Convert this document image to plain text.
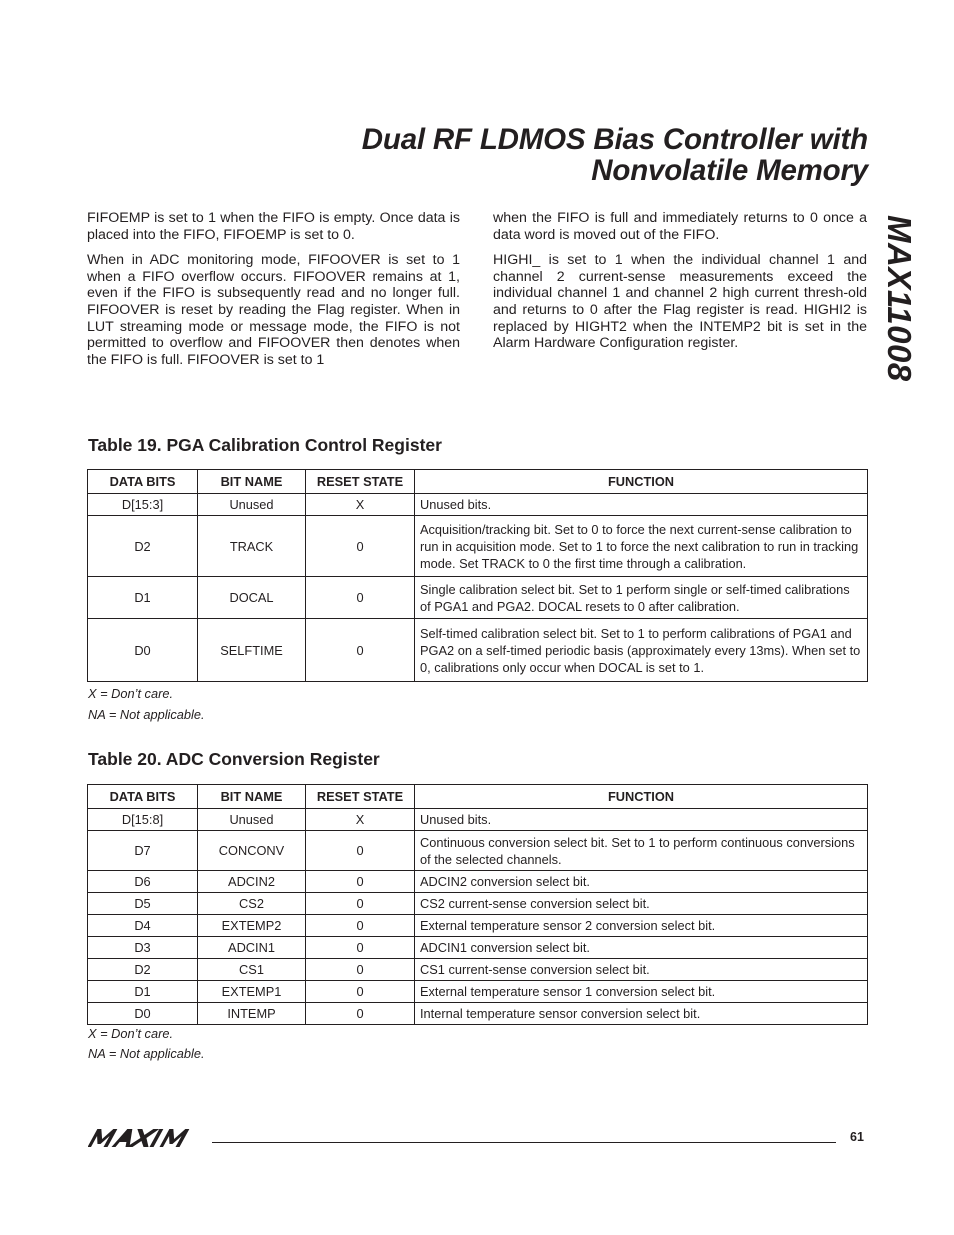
Dual RF LDMOS Bias Controller with
Nonvolatile Memory
MAX11008

FIFOEMP is set to 1 when the FIFO is empty. Once data is placed into the FIFO, FIFOEMP is set to 0.

When in ADC monitoring mode, FIFOOVER is set to 1 when a FIFO overflow occurs. FIFOOVER remains at 1, even if the FIFO is subsequently read and no longer full. FIFOOVER is reset by reading the Flag register. When in LUT streaming mode or message mode, the FIFO is not permitted to overflow and FIFOOVER then denotes when the FIFO is full. FIFOOVER is set to 1

when the FIFO is full and immediately returns to 0 once a data word is moved out of the FIFO.

HIGHI_ is set to 1 when the individual channel 1 and channel 2 current-sense measurements exceed the individual channel 1 and channel 2 high current thresh-old and returns to 0 after the Flag register is read. HIGHI2 is replaced by HIGHT2 when the INTEMP2 bit is set in the Alarm Hardware Configuration register.

Table 19. PGA Calibration Control Register
DATA BITS	BIT NAME	RESET STATE	FUNCTION
D[15:3]	Unused	X	Unused bits.
D2	TRACK	0	Acquisition/tracking bit. Set to 0 to force the next current-sense calibration to run in acquisition mode. Set to 1 to force the next calibration to run in tracking mode. Set TRACK to 0 the first time through a calibration.
D1	DOCAL	0	Single calibration select bit. Set to 1 perform single or self-timed calibrations of PGA1 and PGA2. DOCAL resets to 0 after calibration.
D0	SELFTIME	0	Self-timed calibration select bit. Set to 1 to perform calibrations of PGA1 and PGA2 on a self-timed periodic basis (approximately every 13ms). When set to 0, calibrations only occur when DOCAL is set to 1.
X = Don’t care.
NA = Not applicable.
Table 20. ADC Conversion Register
DATA BITS	BIT NAME	RESET STATE	FUNCTION
D[15:8]	Unused	X	Unused bits.
D7	CONCONV	0	Continuous conversion select bit. Set to 1 to perform continuous conversions of the selected channels.
D6	ADCIN2	0	ADCIN2 conversion select bit.
D5	CS2	0	CS2 current-sense conversion select bit.
D4	EXTEMP2	0	External temperature sensor 2 conversion select bit.
D3	ADCIN1	0	ADCIN1 conversion select bit.
D2	CS1	0	CS1 current-sense conversion select bit.
D1	EXTEMP1	0	External temperature sensor 1 conversion select bit.
D0	INTEMP	0	Internal temperature sensor conversion select bit.
X = Don’t care.
NA = Not applicable.
61
